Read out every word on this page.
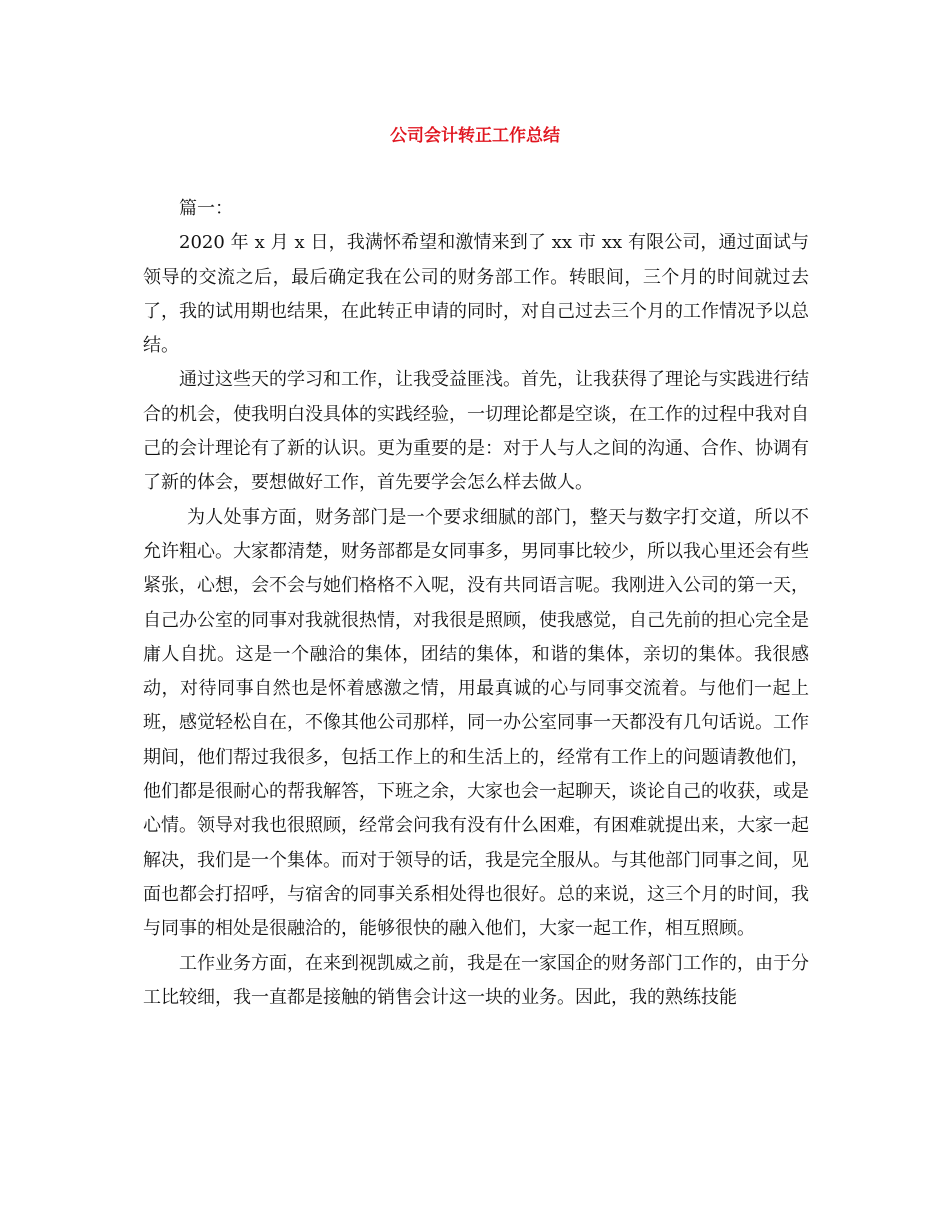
公司会计转正工作总结

篇一：

2020 年 x 月 x 日，我满怀希望和激情来到了 xx 市 xx 有限公司，通过面试与领导的交流之后，最后确定我在公司的财务部工作。转眼间，三个月的时间就过去了，我的试用期也结果，在此转正申请的同时，对自己过去三个月的工作情况予以总结。

通过这些天的学习和工作，让我受益匪浅。首先，让我获得了理论与实践进行结合的机会，使我明白没具体的实践经验，一切理论都是空谈，在工作的过程中我对自己的会计理论有了新的认识。更为重要的是：对于人与人之间的沟通、合作、协调有了新的体会，要想做好工作，首先要学会怎么样去做人。

为人处事方面，财务部门是一个要求细腻的部门，整天与数字打交道，所以不允许粗心。大家都清楚，财务部都是女同事多，男同事比较少，所以我心里还会有些紧张，心想，会不会与她们格格不入呢，没有共同语言呢。我刚进入公司的第一天，自己办公室的同事对我就很热情，对我很是照顾，使我感觉，自己先前的担心完全是庸人自扰。这是一个融洽的集体，团结的集体，和谐的集体，亲切的集体。我很感动，对待同事自然也是怀着感激之情，用最真诚的心与同事交流着。与他们一起上班，感觉轻松自在，不像其他公司那样，同一办公室同事一天都没有几句话说。工作期间，他们帮过我很多，包括工作上的和生活上的，经常有工作上的问题请教他们，他们都是很耐心的帮我解答，下班之余，大家也会一起聊天，谈论自己的收获，或是心情。领导对我也很照顾，经常会问我有没有什么困难，有困难就提出来，大家一起解决，我们是一个集体。而对于领导的话，我是完全服从。与其他部门同事之间，见面也都会打招呼，与宿舍的同事关系相处得也很好。总的来说，这三个月的时间，我与同事的相处是很融洽的，能够很快的融入他们，大家一起工作，相互照顾。

工作业务方面，在来到视凯威之前，我是在一家国企的财务部门工作的，由于分工比较细，我一直都是接触的销售会计这一块的业务。因此，我的熟练技能
